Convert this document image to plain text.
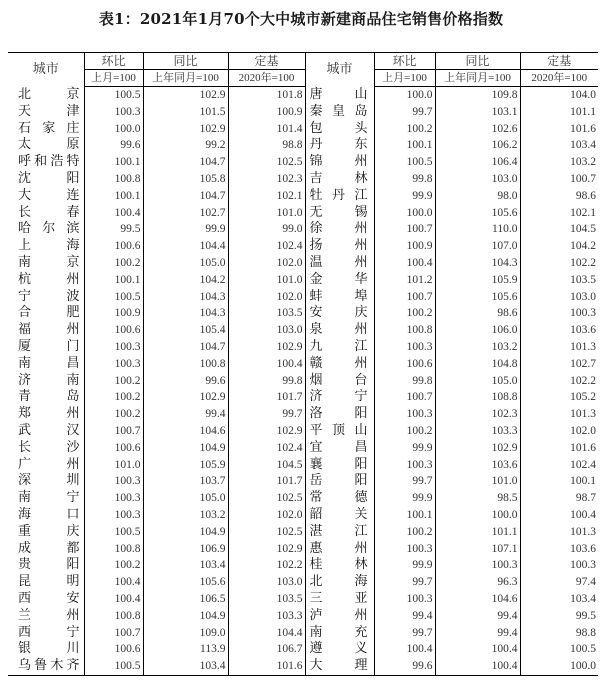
表1：2021年1月70个大中城市新建商品住宅销售价格指数
城市	环比	同比	定基	城市	环比	同比	定基
	上月=100	上年同月=100	2020年=100		上月=100	上年同月=100	2020年=100
北京	100.5	102.9	101.8	唐山	100.0	109.8	104.0
天津	100.3	101.5	100.9	秦皇岛	99.7	103.1	101.1
石家庄	100.0	102.9	101.4	包头	100.2	102.6	101.6
太原	99.6	99.2	98.8	丹东	100.1	106.2	103.4
呼和浩特	100.1	104.7	102.5	锦州	100.5	106.4	103.2
沈阳	100.8	105.8	102.3	吉林	99.8	103.0	100.7
大连	100.1	104.7	102.1	牡丹江	99.9	98.0	98.6
长春	100.4	102.7	101.0	无锡	100.0	105.6	102.1
哈尔滨	99.5	99.9	99.0	徐州	100.7	110.0	104.5
上海	100.6	104.4	102.4	扬州	100.9	107.0	104.2
南京	100.2	105.0	102.0	温州	100.4	104.3	102.2
杭州	100.1	104.2	101.0	金华	101.2	105.9	103.5
宁波	100.5	104.3	102.0	蚌埠	100.7	105.6	103.0
合肥	100.9	104.3	103.5	安庆	100.2	98.6	100.3
福州	100.6	105.4	103.0	泉州	100.8	106.0	103.6
厦门	100.3	104.7	102.9	九江	100.3	103.2	101.3
南昌	100.3	100.8	100.4	赣州	100.6	104.8	102.7
济南	100.2	99.6	99.8	烟台	99.8	105.0	102.2
青岛	100.2	102.9	101.7	济宁	100.7	108.8	105.2
郑州	100.2	99.4	99.7	洛阳	100.3	102.3	101.3
武汉	100.7	104.6	102.9	平顶山	100.2	103.3	102.0
长沙	100.6	104.9	102.4	宜昌	99.9	102.9	101.6
广州	101.0	105.9	104.5	襄阳	100.3	103.6	102.4
深圳	100.3	103.7	101.7	岳阳	99.7	101.0	100.1
南宁	100.3	105.0	102.5	常德	99.9	98.5	98.7
海口	100.3	103.2	102.0	韶关	100.1	100.0	100.4
重庆	100.5	104.9	102.5	湛江	100.2	101.1	101.3
成都	100.8	106.9	102.9	惠州	100.3	107.1	103.6
贵阳	100.2	103.4	102.2	桂林	99.9	100.3	100.3
昆明	100.4	105.6	103.0	北海	99.7	96.3	97.4
西安	100.4	106.5	103.5	三亚	100.3	104.6	103.4
兰州	100.8	104.9	103.3	泸州	99.4	99.4	99.5
西宁	100.7	109.0	104.4	南充	99.7	99.4	98.8
银川	100.6	113.9	106.7	遵义	100.4	100.4	100.5
乌鲁木齐	100.5	103.4	101.6	大理	99.6	100.4	100.0
